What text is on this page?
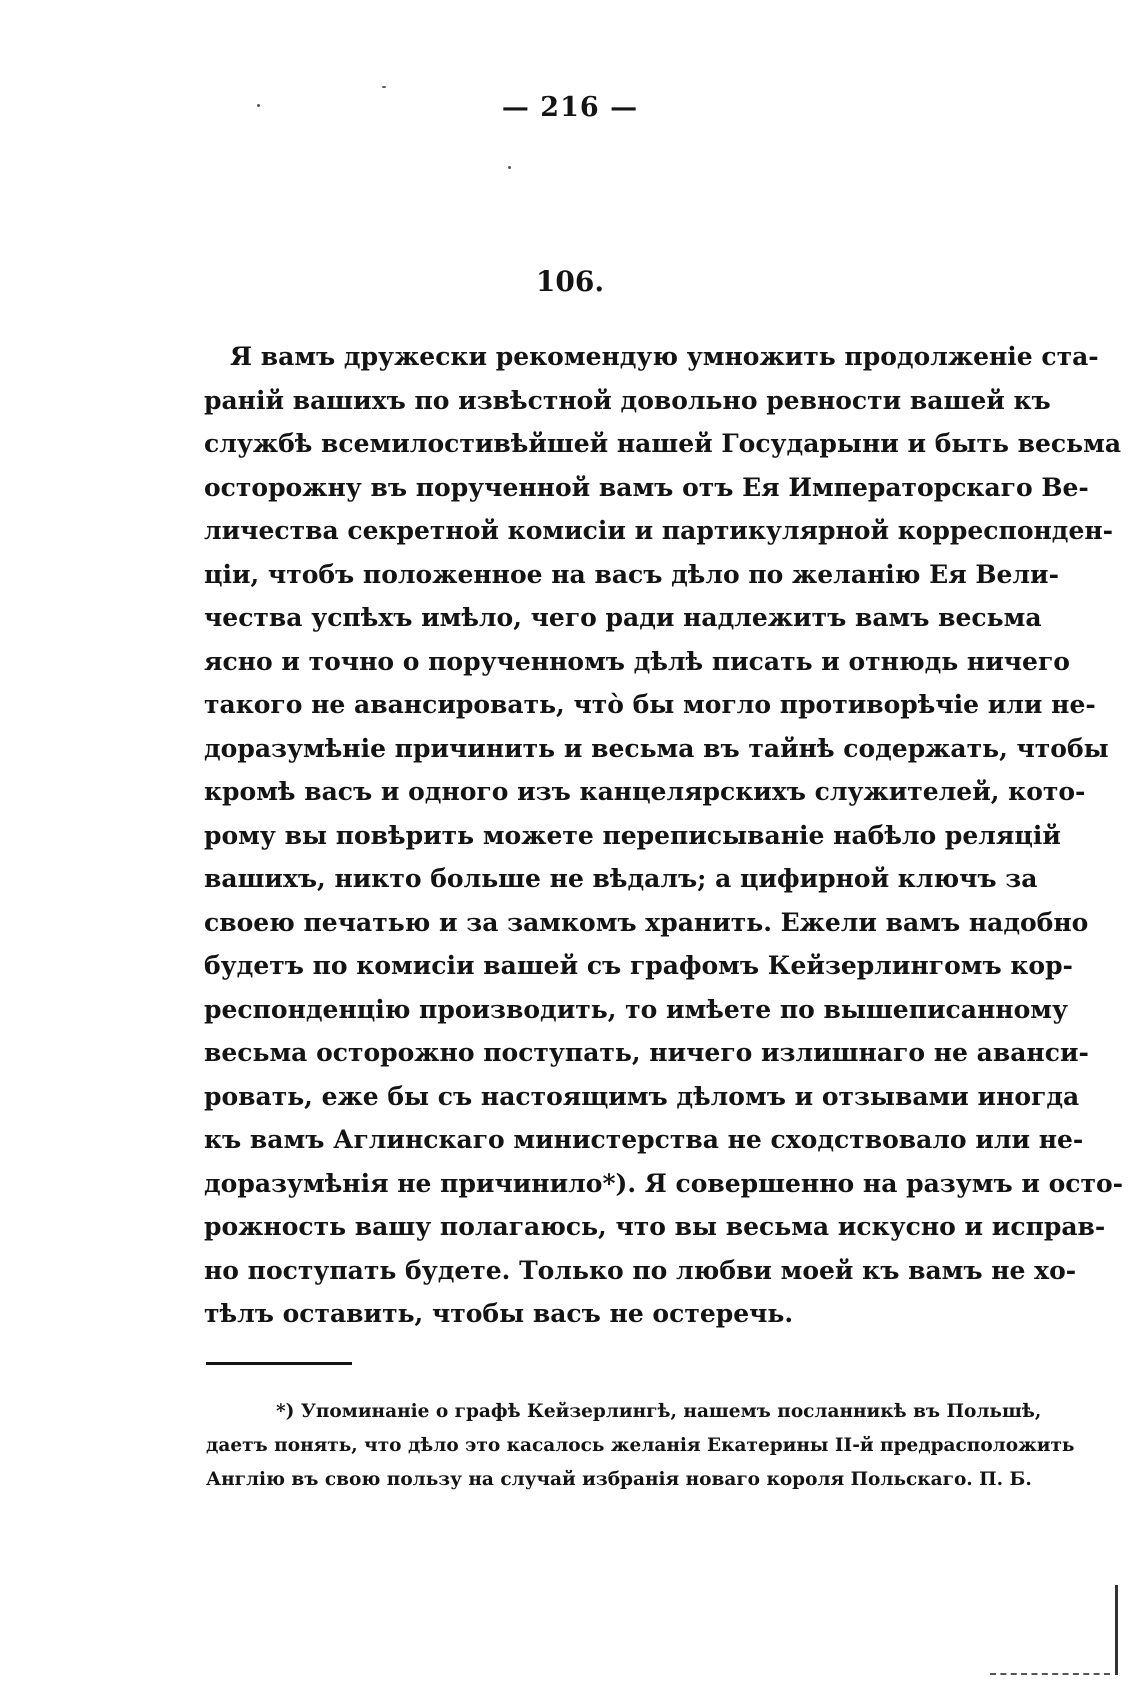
— 216 —
106.
Я вамъ дружески рекомендую умножить продолженіе ста-
раній вашихъ по извѣстной довольно ревности вашей къ
службѣ всемилостивѣйшей нашей Государыни и быть весьма
осторожну въ порученной вамъ отъ Ея Императорскаго Ве-
личества секретной комисіи и партикулярной корреспонден-
ціи, чтобъ положенное на васъ дѣло по желанію Ея Вели-
чества успѣхъ имѣло, чего ради надлежитъ вамъ весьма
ясно и точно о порученномъ дѣлѣ писать и отнюдь ничего
такого не авансировать, чтò бы могло противорѣчіе или не-
доразумѣніе причинить и весьма въ тайнѣ содержать, чтобы
кромѣ васъ и одного изъ канцелярскихъ служителей, кото-
рому вы повѣрить можете переписываніе набѣло реляцій
вашихъ, никто больше не вѣдалъ; а цифирной ключъ за
своею печатью и за замкомъ хранить. Ежели вамъ надобно
будетъ по комисіи вашей съ графомъ Кейзерлингомъ кор-
респонденцію производить, то имѣете по вышеписанному
весьма осторожно поступать, ничего излишнаго не аванси-
ровать, еже бы съ настоящимъ дѣломъ и отзывами иногда
къ вамъ Аглинскаго министерства не сходствовало или не-
доразумѣнія не причинило*). Я совершенно на разумъ и осто-
рожность вашу полагаюсь, что вы весьма искусно и исправ-
но поступать будете. Только по любви моей къ вамъ не хо-
тѣлъ оставить, чтобы васъ не остеречь.
*) Упоминаніе о графѣ Кейзерлингѣ, нашемъ посланникѣ въ Польшѣ,
даетъ понять, что дѣло это касалось желанія Екатерины II-й предрасположить
Англію въ свою пользу на случай избранія новаго короля Польскаго. П. Б.
